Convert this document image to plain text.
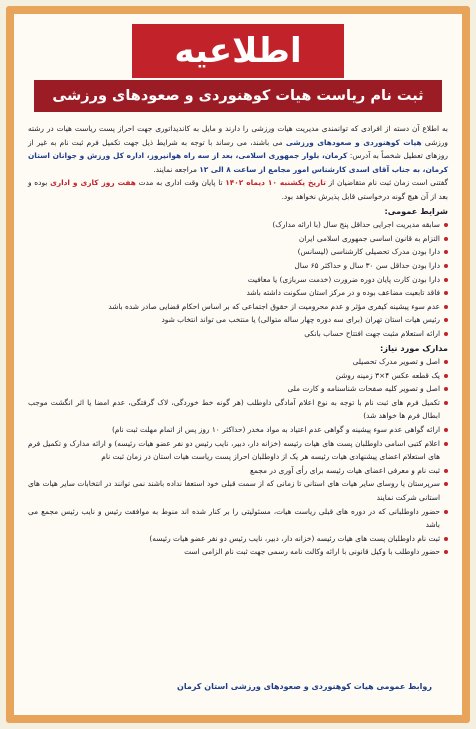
اطلاعیه
ثبت نام ریاست هیات کوهنوردی و صعودهای ورزشی

به اطلاع آن دسته از افرادی که توانمندی مدیریت هیات ورزشی را دارند و مایل به کاندیداتوری جهت احراز پست ریاست هیات در رشته ورزشی هیات کوهنوردی و صعودهای ورزشی می باشند، می رساند با توجه به شرایط ذیل جهت تکمیل فرم ثبت نام به غیر از روزهای تعطیل شخصاً به آدرس: کرمان، بلوار جمهوری اسلامی، بعد از سه راه هوانیروز، اداره کل ورزش و جوانان استان کرمان، به جناب آقای اسدی کارشناس امور مجامع از ساعت ۸ الی ۱۲ مراجعه نمایند.

گفتنی است زمان ثبت نام متقاضیان از تاریخ یکشنبه ۱۰ دیماه ۱۴۰۲ تا پایان وقت اداری به مدت هفت روز کاری و اداری بوده و بعد از آن هیچ گونه درخواستی قابل پذیرش نخواهد بود.

شرایط عمومی:
سابقه مدیریت اجرایی حداقل پنج سال (با ارائه مدارک)
التزام به قانون اساسی جمهوری اسلامی ایران
دارا بودن مدرک تحصیلی کارشناسی (لیسانس)
دارا بودن حداقل سن ۳۰ سال و حداکثر ۶۵ سال
دارا بودن کارت پایان دوره ضرورت (خدمت سربازی) یا معافیت
فاقد تابعیت مضاعف بوده و در مرکز استان سکونت داشته باشد
عدم سوء پیشینه کیفری مؤثر و عدم محرومیت از حقوق اجتماعی که بر اساس احکام قضایی صادر شده باشد
رئیس هیات استان تهران (برای سه دوره چهار ساله متوالی) یا منتخب می تواند انتخاب شود
ارائه استعلام مثبت جهت افتتاح حساب بانکی
مدارک مورد نیاز:
اصل و تصویر مدرک تحصیلی
یک قطعه عکس ۴×۳ زمینه روشن
اصل و تصویر کلیه صفحات شناسنامه و کارت ملی
تکمیل فرم های ثبت نام با توجه به نوع اعلام آمادگی داوطلب (هر گونه خط خوردگی، لاک گرفتگی، عدم امضا یا اثر انگشت موجب ابطال فرم ها خواهد شد)
ارائه گواهی عدم سوء پیشینه و گواهی عدم اعتیاد به مواد مخدر (حداکثر ۱۰ روز پس از اتمام مهلت ثبت نام)
اعلام کتبی اسامی داوطلبان پست های هیات رئیسه (خزانه دار، دبیر، نایب رئیس دو نفر عضو هیات رئیسه) و ارائه مدارک و تکمیل فرم های استعلام اعضای پیشنهادی هیات رئیسه هر یک از داوطلبان احراز پست ریاست هیات استان در زمان ثبت نام
ثبت نام و معرفی اعضای هیات رئیسه برای رأی آوری در مجمع
سرپرستان یا روسای سایر هیات های استانی تا زمانی که از سمت قبلی خود استعفا نداده باشند نمی توانند در انتخابات سایر هیات های استانی شرکت نمایند
حضور داوطلبانی که در دوره های قبلی ریاست هیات، مسئولیتی را بر کنار شده اند منوط به موافقت رئیس و نایب رئیس مجمع می باشد
ثبت نام داوطلبان پست های هیات رئیسه (خزانه دار، دبیر، نایب رئیس دو نفر عضو هیات رئیسه)
حضور داوطلب با وکیل قانونی با ارائه وکالت نامه رسمی جهت ثبت نام الزامی است
روابط عمومی هیات کوهنوردی و صعودهای ورزشی استان کرمان
